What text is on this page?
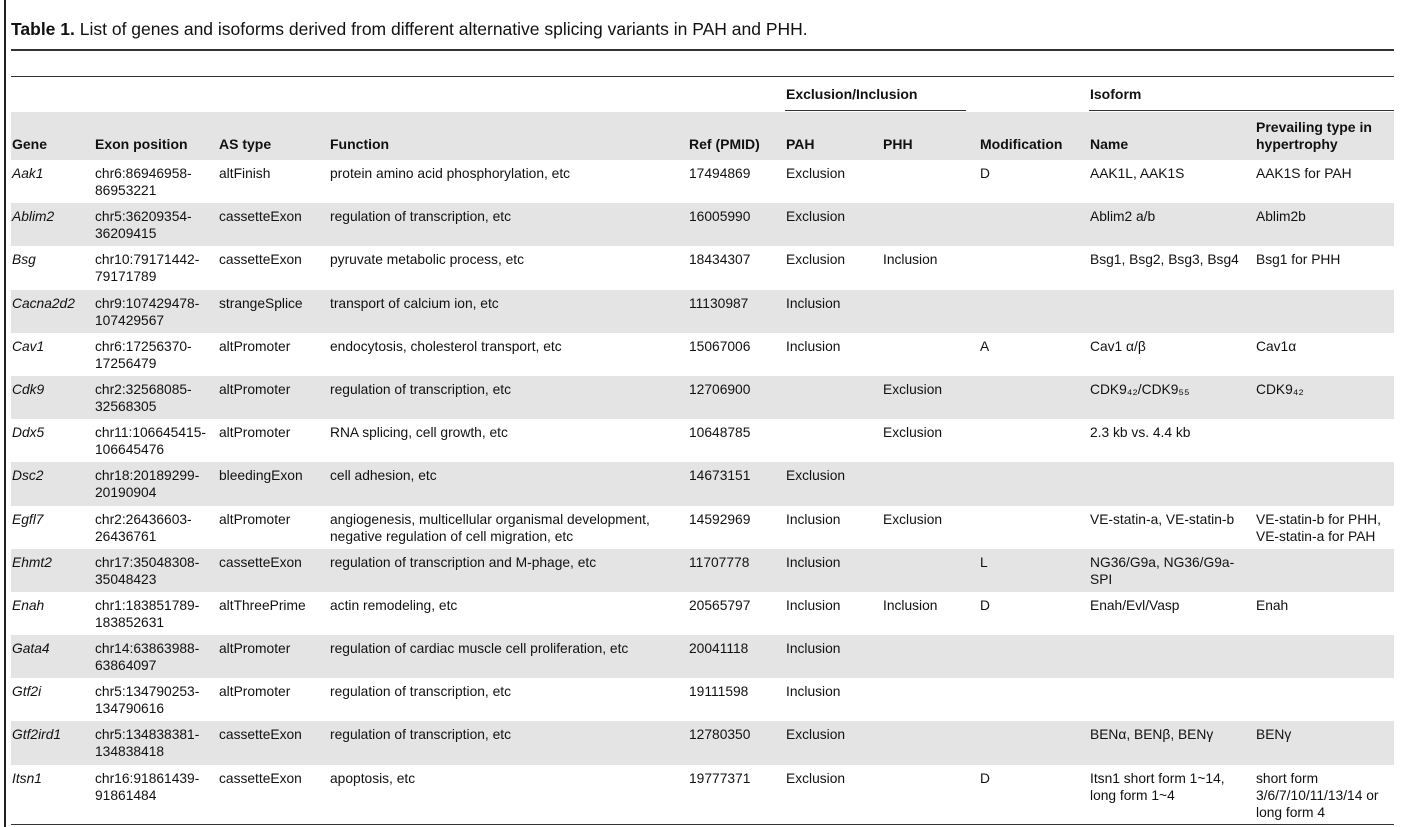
Table 1. List of genes and isoforms derived from different alternative splicing variants in PAH and PHH.
					Exclusion/Inclusion			Isoform	

Gene	Exon position	AS type	Function	Ref (PMID)	PAH	PHH	Modification	Name	Prevailing type in hypertrophy
Aak1	chr6:86946958-86953221	altFinish	protein amino acid phosphorylation, etc	17494869	Exclusion		D	AAK1L, AAK1S	AAK1S for PAH
Ablim2	chr5:36209354-36209415	cassetteExon	regulation of transcription, etc	16005990	Exclusion			Ablim2 a/b	Ablim2b
Bsg	chr10:79171442-79171789	cassetteExon	pyruvate metabolic process, etc	18434307	Exclusion	Inclusion		Bsg1, Bsg2, Bsg3, Bsg4	Bsg1 for PHH
Cacna2d2	chr9:107429478-107429567	strangeSplice	transport of calcium ion, etc	11130987	Inclusion				
Cav1	chr6:17256370-17256479	altPromoter	endocytosis, cholesterol transport, etc	15067006	Inclusion		A	Cav1 α/β	Cav1α
Cdk9	chr2:32568085-32568305	altPromoter	regulation of transcription, etc	12706900		Exclusion		CDK9₄₂/CDK9₅₅	CDK9₄₂
Ddx5	chr11:106645415-106645476	altPromoter	RNA splicing, cell growth, etc	10648785		Exclusion		2.3 kb vs. 4.4 kb	
Dsc2	chr18:20189299-20190904	bleedingExon	cell adhesion, etc	14673151	Exclusion				
Egfl7	chr2:26436603-26436761	altPromoter	angiogenesis, multicellular organismal development, negative regulation of cell migration, etc	14592969	Inclusion	Exclusion		VE-statin-a, VE-statin-b	VE-statin-b for PHH, VE-statin-a for PAH
Ehmt2	chr17:35048308-35048423	cassetteExon	regulation of transcription and M-phage, etc	11707778	Inclusion		L	NG36/G9a, NG36/G9a-SPI	
Enah	chr1:183851789-183852631	altThreePrime	actin remodeling, etc	20565797	Inclusion	Inclusion	D	Enah/Evl/Vasp	Enah
Gata4	chr14:63863988-63864097	altPromoter	regulation of cardiac muscle cell proliferation, etc	20041118	Inclusion				
Gtf2i	chr5:134790253-134790616	altPromoter	regulation of transcription, etc	19111598	Inclusion				
Gtf2ird1	chr5:134838381-134838418	cassetteExon	regulation of transcription, etc	12780350	Exclusion			BENα, BENβ, BENγ	BENγ
Itsn1	chr16:91861439-91861484	cassetteExon	apoptosis, etc	19777371	Exclusion		D	Itsn1 short form 1~14, long form 1~4	short form 3/6/7/10/11/13/14 or long form 4
